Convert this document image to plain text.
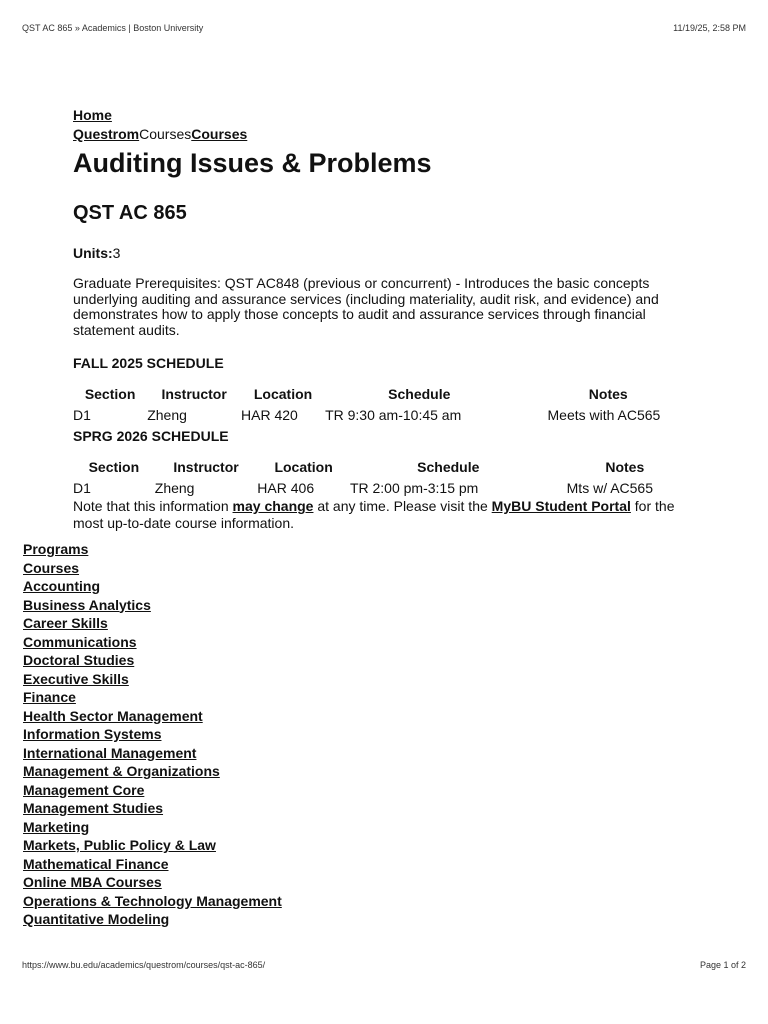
QST AC 865 » Academics | Boston University	11/19/25, 2:58 PM
Home
QuestromCoursesCourses
Auditing Issues & Problems
QST AC 865
Units:3
Graduate Prerequisites: QST AC848 (previous or concurrent) - Introduces the basic concepts underlying auditing and assurance services (including materiality, audit risk, and evidence) and demonstrates how to apply those concepts to audit and assurance services through financial statement audits.
FALL 2025 SCHEDULE
Section	Instructor	Location	Schedule	Notes
D1	Zheng	HAR 420	TR 9:30 am-10:45 am	Meets with AC565
SPRG 2026 SCHEDULE
Section	Instructor	Location	Schedule	Notes
D1	Zheng	HAR 406	TR 2:00 pm-3:15 pm	Mts w/ AC565
Note that this information may change at any time. Please visit the MyBU Student Portal for the most up-to-date course information.
Programs
Courses
Accounting
Business Analytics
Career Skills
Communications
Doctoral Studies
Executive Skills
Finance
Health Sector Management
Information Systems
International Management
Management & Organizations
Management Core
Management Studies
Marketing
Markets, Public Policy & Law
Mathematical Finance
Online MBA Courses
Operations & Technology Management
Quantitative Modeling
https://www.bu.edu/academics/questrom/courses/qst-ac-865/	Page 1 of 2
